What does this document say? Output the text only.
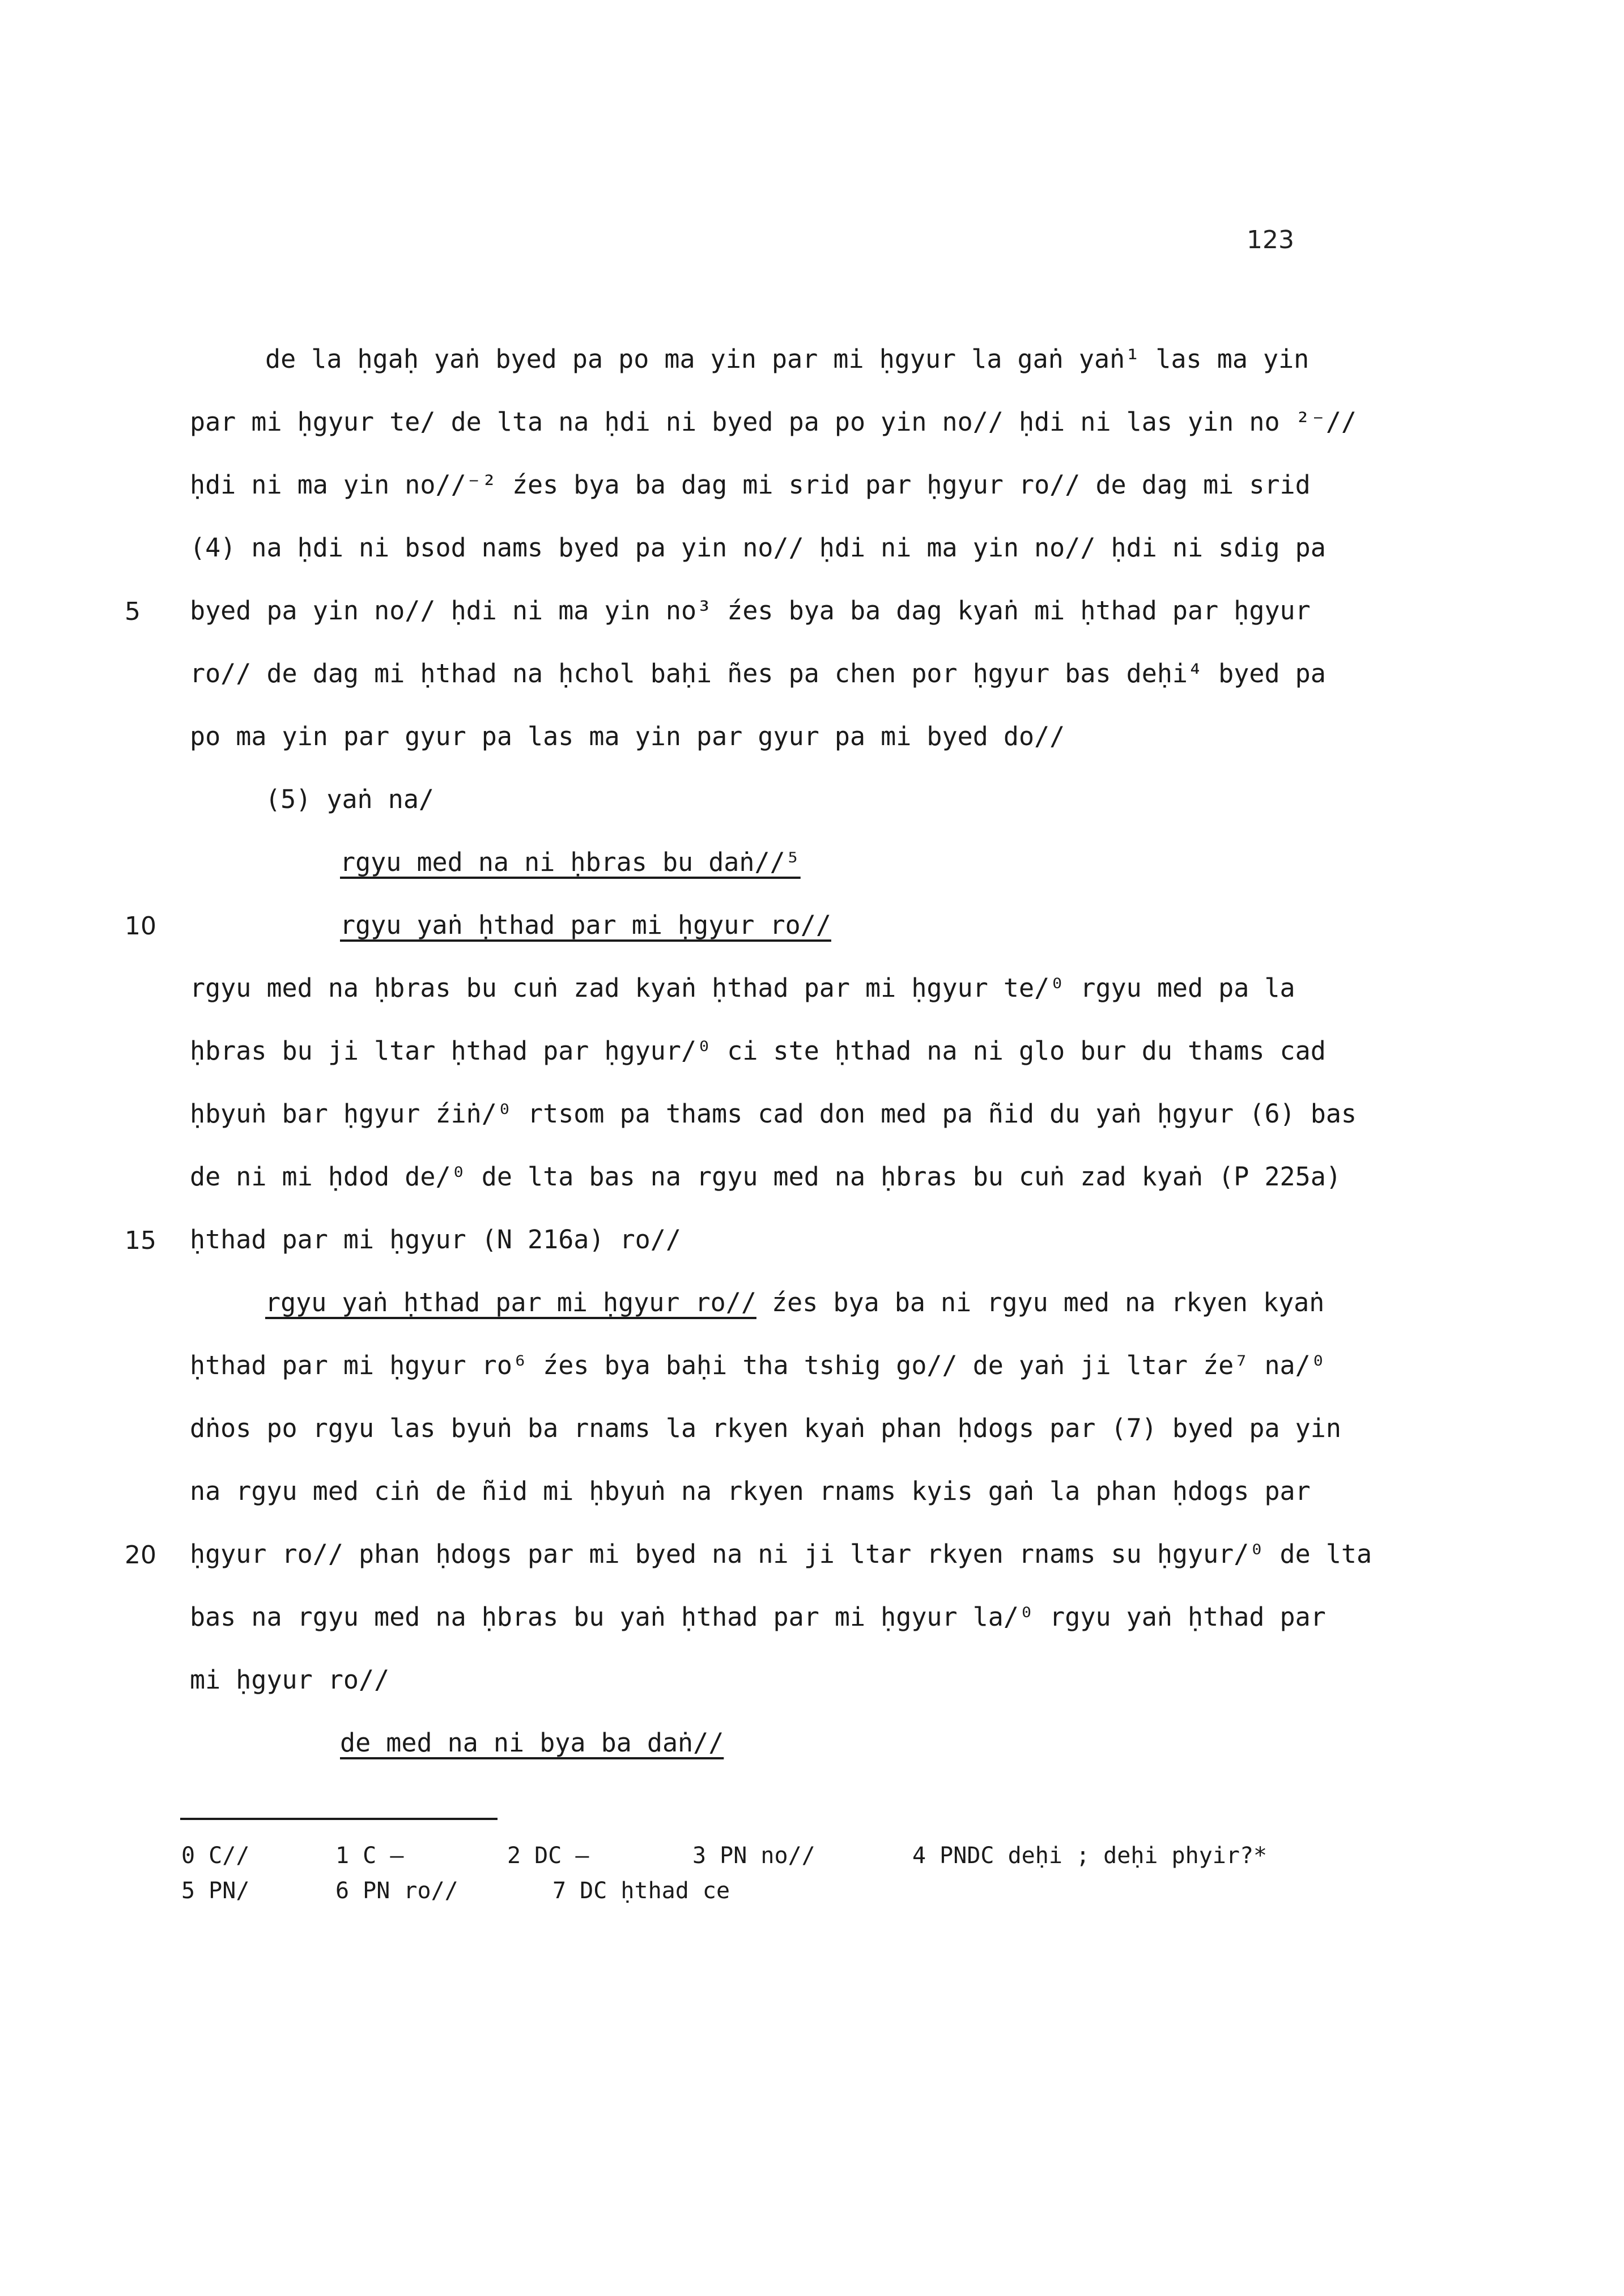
123
de la ḥgaḥ yaṅ byed pa po ma yin par mi ḥgyur la gaṅ yaṅ¹ las ma yin
par mi ḥgyur te/ de lta na ḥdi ni byed pa po yin no// ḥdi ni las yin no ²⁻//
ḥdi ni ma yin no//⁻² źes bya ba dag mi srid par ḥgyur ro// de dag mi srid
(4) na ḥdi ni bsod nams byed pa yin no// ḥdi ni ma yin no// ḥdi ni sdig pa
5 byed pa yin no// ḥdi ni ma yin no³ źes bya ba dag kyaṅ mi ḥthad par ḥgyur
ro// de dag mi ḥthad na ḥchol baḥi ñes pa chen por ḥgyur bas deḥi⁴ byed pa
po ma yin par gyur pa las ma yin par gyur pa mi byed do//
(5) yaṅ na/
rgyu med na ni ḥbras bu daṅ//⁵
10	rgyu yaṅ ḥthad par mi ḥgyur ro//
rgyu med na ḥbras bu cuṅ zad kyaṅ ḥthad par mi ḥgyur te/⁰ rgyu med pa la
ḥbras bu ji ltar ḥthad par ḥgyur/⁰ ci ste ḥthad na ni glo bur du thams cad
ḥbyuṅ bar ḥgyur źiṅ/⁰ rtsom pa thams cad don med pa ñid du yaṅ ḥgyur (6) bas
de ni mi ḥdod de/⁰ de lta bas na rgyu med na ḥbras bu cuṅ zad kyaṅ (P 225a)
15 ḥthad par mi ḥgyur (N 216a) ro//
rgyu yaṅ ḥthad par mi ḥgyur ro// źes bya ba ni rgyu med na rkyen kyaṅ
ḥthad par mi ḥgyur ro⁶ źes bya baḥi tha tshig go// de yaṅ ji ltar źe⁷ na/⁰
dṅos po rgyu las byuṅ ba rnams la rkyen kyaṅ phan ḥdogs par (7) byed pa yin
na rgyu med ciṅ de ñid mi ḥbyuṅ na rkyen rnams kyis gaṅ la phan ḥdogs par
20 ḥgyur ro// phan ḥdogs par mi byed na ni ji ltar rkyen rnams su ḥgyur/⁰ de lta
bas na rgyu med na ḥbras bu yaṅ ḥthad par mi ḥgyur la/⁰ rgyu yaṅ ḥthad par
mi ḥgyur ro//
de med na ni bya ba daṅ//
0 C//	1 C —	2 DC —	3 PN no//	4 PNDC deḥi ; deḥi phyir?*
5 PN/	6 PN ro//	7 DC ḥthad ce
